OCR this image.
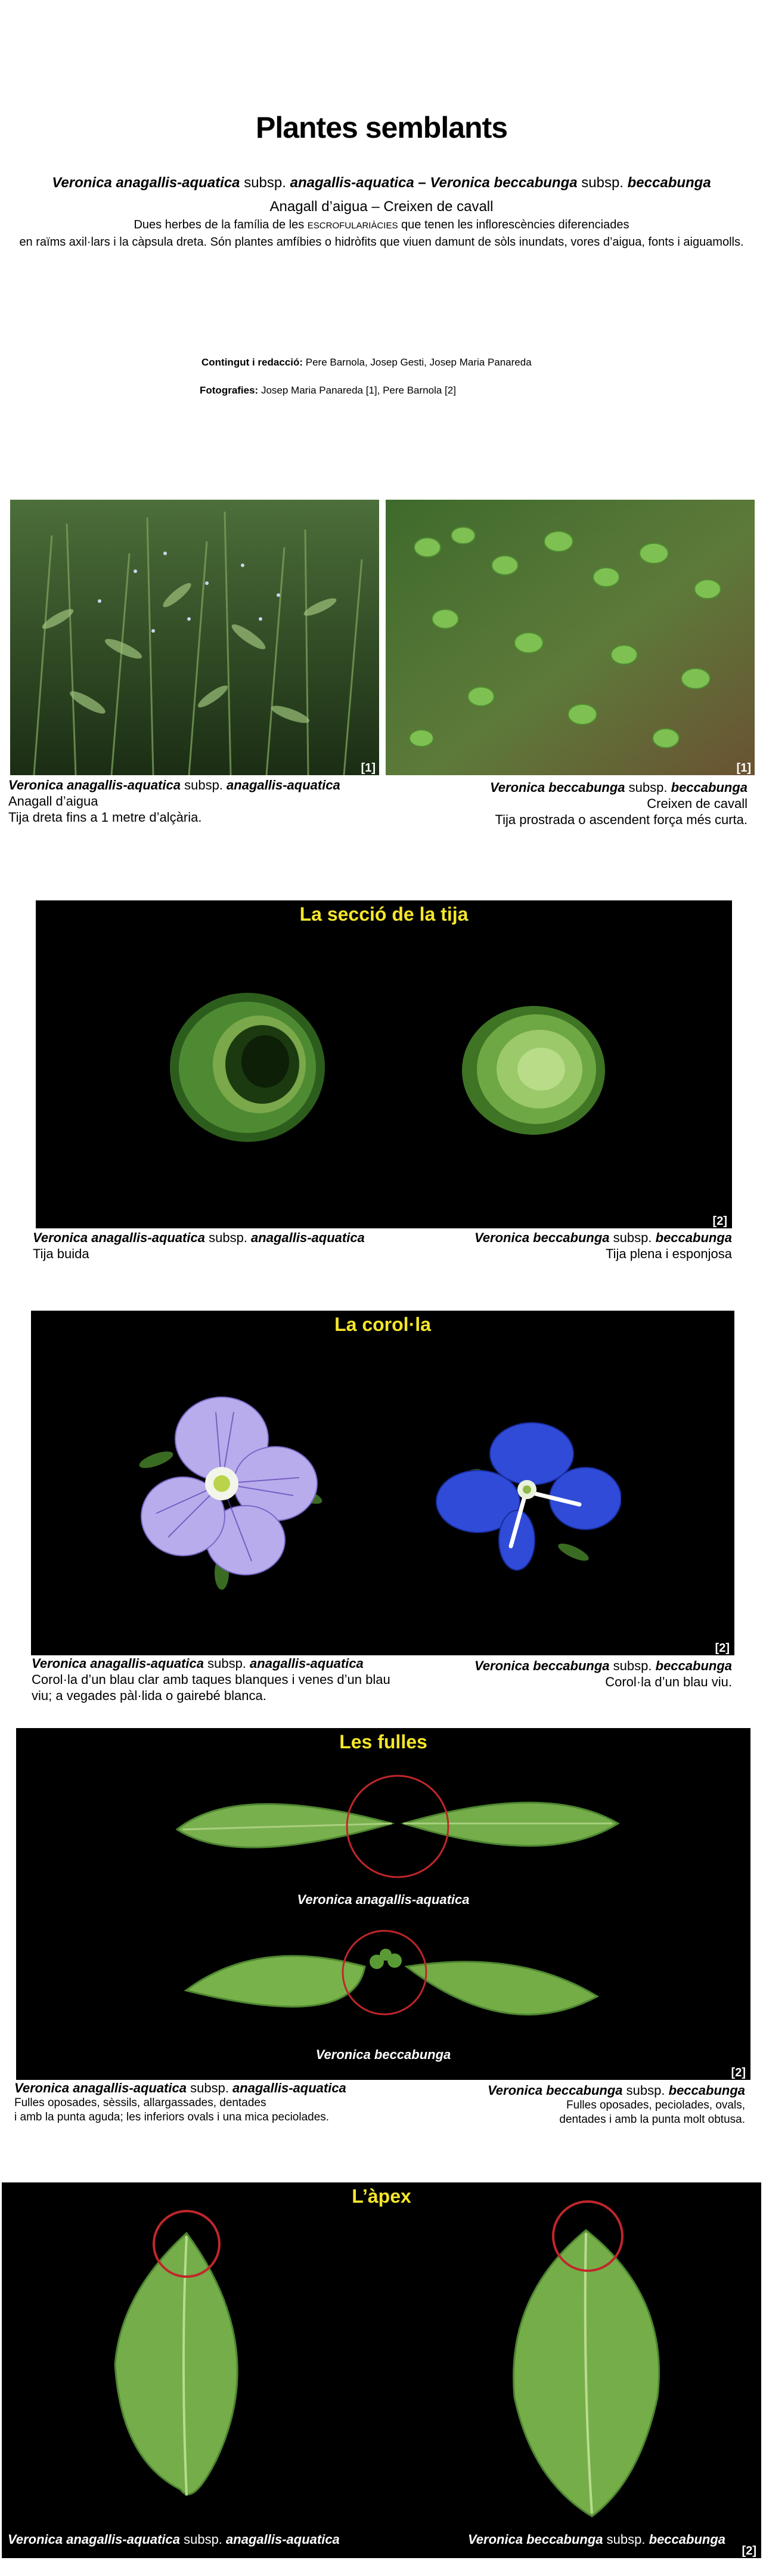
Plantes semblants
Veronica anagallis-aquatica subsp. anagallis-aquatica – Veronica beccabunga subsp. beccabunga
Anagall d’aigua – Creixen de cavall
Dues herbes de la família de les ESCROFULARIÀCIES que tenen les inflorescències diferenciades
en raïms axil·lars i la càpsula dreta. Són plantes amfíbies o hidròfits que viuen damunt de sòls inundats, vores d’aigua, fonts i aiguamolls.
Contingut i redacció: Pere Barnola, Josep Gesti, Josep Maria Panareda
Fotografies: Josep Maria Panareda [1], Pere Barnola [2]
[1]	[1]
Veronica anagallis-aquatica subsp. anagallis-aquatica
Anagall d’aigua
Tija dreta fins a 1 metre d’alçària.
Veronica beccabunga subsp. beccabunga
Creixen de cavall
Tija prostrada o ascendent força més curta.
La secció de la tija
[2]
Veronica anagallis-aquatica subsp. anagallis-aquatica
Tija buida
Veronica beccabunga subsp. beccabunga
Tija plena i esponjosa
La corol·la
[2]
Veronica anagallis-aquatica subsp. anagallis-aquatica
Corol·la d’un blau clar amb taques blanques i venes d’un blau viu; a vegades pàl·lida o gairebé blanca.
Veronica beccabunga subsp. beccabunga
Corol·la d’un blau viu.
Les fulles
Veronica anagallis-aquatica
Veronica beccabunga
[2]
Veronica anagallis-aquatica subsp. anagallis-aquatica
Fulles oposades, sèssils, allargassades, dentades
i amb la punta aguda; les inferiors ovals i una mica peciolades.
Veronica beccabunga subsp. beccabunga
Fulles oposades, peciolades, ovals,
dentades i amb la punta molt obtusa.
L’àpex
Veronica anagallis-aquatica subsp. anagallis-aquatica	Veronica beccabunga subsp. beccabunga
[2]
